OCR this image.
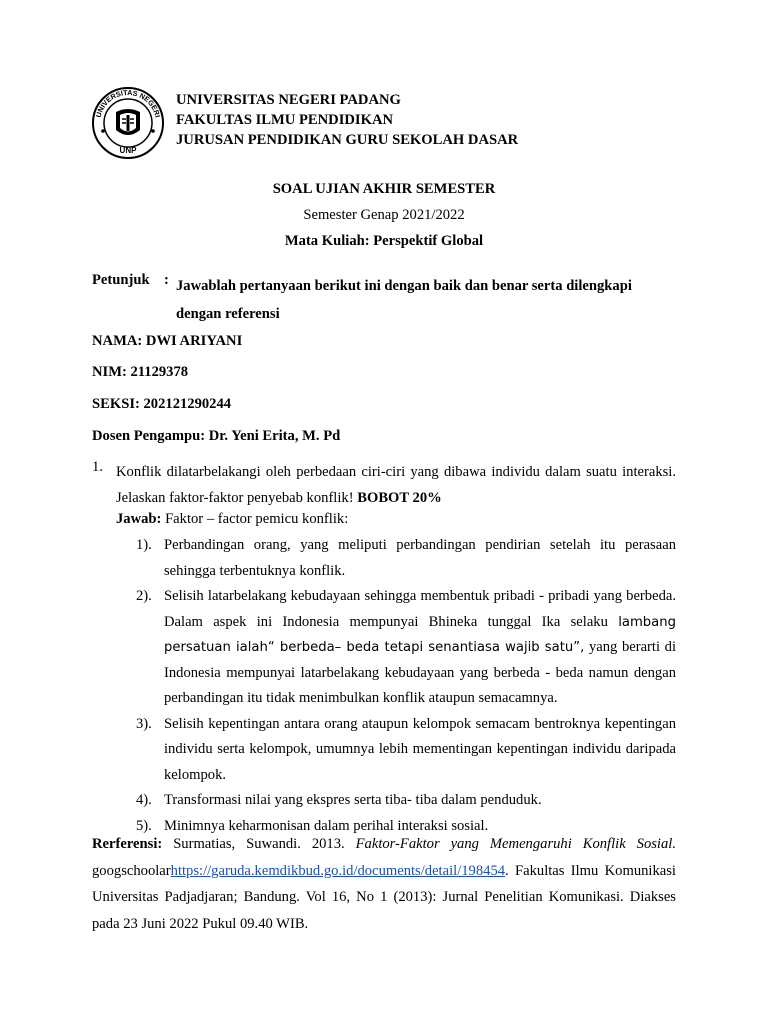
UNIVERSITAS NEGERI
UNP
UNIVERSITAS NEGERI PADANG
FAKULTAS ILMU PENDIDIKAN
JURUSAN PENDIDIKAN GURU SEKOLAH DASAR
SOAL UJIAN AKHIR SEMESTER
Semester Genap 2021/2022
Mata Kuliah: Perspektif Global
Petunjuk : Jawablah pertanyaan berikut ini dengan baik dan benar serta dilengkapi dengan referensi
NAMA: DWI ARIYANI
NIM: 21129378
SEKSI: 202121290244
Dosen Pengampu: Dr. Yeni Erita, M. Pd
1. Konflik dilatarbelakangi oleh perbedaan ciri-ciri yang dibawa individu dalam suatu interaksi. Jelaskan faktor-faktor penyebab konflik! BOBOT 20%
Jawab: Faktor – factor pemicu konflik:
1). Perbandingan orang, yang meliputi perbandingan pendirian setelah itu perasaan sehingga terbentuknya konflik.
2). Selisih latarbelakang kebudayaan sehingga membentuk pribadi - pribadi yang berbeda. Dalam aspek ini Indonesia mempunyai Bhineka tunggal Ika selaku lambang persatuan ialah“ berbeda– beda tetapi senantiasa wajib satu”, yang berarti di Indonesia mempunyai latarbelakang kebudayaan yang berbeda - beda namun dengan perbandingan itu tidak menimbulkan konflik ataupun semacamnya.
3). Selisih kepentingan antara orang ataupun kelompok semacam bentroknya kepentingan individu serta kelompok, umumnya lebih mementingan kepentingan individu daripada kelompok.
4). Transformasi nilai yang ekspres serta tiba- tiba dalam penduduk.
5). Minimnya keharmonisan dalam perihal interaksi sosial.
Rerferensi: Surmatias, Suwandi. 2013. Faktor-Faktor yang Memengaruhi Konflik Sosial. googschoolarhttps://garuda.kemdikbud.go.id/documents/detail/198454. Fakultas Ilmu Komunikasi Universitas Padjadjaran; Bandung. Vol 16, No 1 (2013): Jurnal Penelitian Komunikasi. Diakses pada 23 Juni 2022 Pukul 09.40 WIB.
